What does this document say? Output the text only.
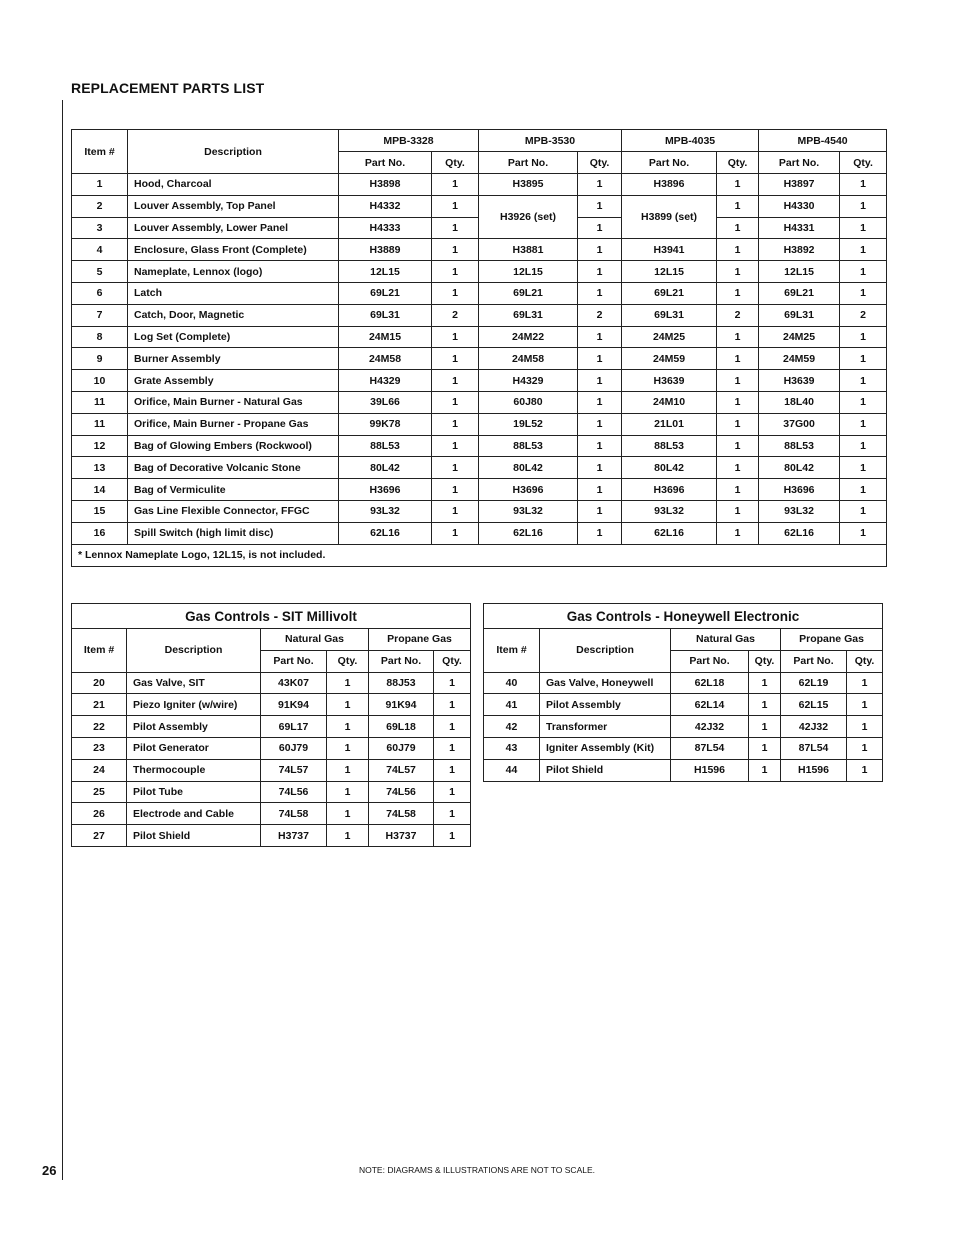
REPLACEMENT PARTS LIST
Item #	Description	MPB-3328		MPB-3530		MPB-4035		MPB-4540	
		Part No.	Qty.	Part No.	Qty.	Part No.	Qty.	Part No.	Qty.
1	Hood, Charcoal	H3898	1	H3895	1	H3896	1	H3897	1
2	Louver Assembly, Top Panel	H4332	1	H3926 (set)	1	H3899 (set)	1	H4330	1
3	Louver Assembly, Lower Panel	H4333	1		1		1	H4331	1
4	Enclosure, Glass Front (Complete)	H3889	1	H3881	1	H3941	1	H3892	1
5	Nameplate, Lennox (logo)	12L15	1	12L15	1	12L15	1	12L15	1
6	Latch	69L21	1	69L21	1	69L21	1	69L21	1
7	Catch, Door, Magnetic	69L31	2	69L31	2	69L31	2	69L31	2
8	Log Set (Complete)	24M15	1	24M22	1	24M25	1	24M25	1
9	Burner Assembly	24M58	1	24M58	1	24M59	1	24M59	1
10	Grate Assembly	H4329	1	H4329	1	H3639	1	H3639	1
11	Orifice, Main Burner - Natural Gas	39L66	1	60J80	1	24M10	1	18L40	1
11	Orifice, Main Burner - Propane Gas	99K78	1	19L52	1	21L01	1	37G00	1
12	Bag of Glowing Embers (Rockwool)	88L53	1	88L53	1	88L53	1	88L53	1
13	Bag of Decorative Volcanic Stone	80L42	1	80L42	1	80L42	1	80L42	1
14	Bag of Vermiculite	H3696	1	H3696	1	H3696	1	H3696	1
15	Gas Line Flexible Connector, FFGC	93L32	1	93L32	1	93L32	1	93L32	1
16	Spill Switch (high limit disc)	62L16	1	62L16	1	62L16	1	62L16	1
* Lennox Nameplate Logo, 12L15, is not included.									
Gas Controls - SIT Millivolt					
Item #	Description	Natural Gas		Propane Gas	
		Part No.	Qty.	Part No.	Qty.
20	Gas Valve, SIT	43K07	1	88J53	1
21	Piezo Igniter (w/wire)	91K94	1	91K94	1
22	Pilot Assembly	69L17	1	69L18	1
23	Pilot Generator	60J79	1	60J79	1
24	Thermocouple	74L57	1	74L57	1
25	Pilot Tube	74L56	1	74L56	1
26	Electrode and Cable	74L58	1	74L58	1
27	Pilot Shield	H3737	1	H3737	1
Gas Controls - Honeywell Electronic					
Item #	Description	Natural Gas		Propane Gas	
		Part No.	Qty.	Part No.	Qty.
40	Gas Valve, Honeywell	62L18	1	62L19	1
41	Pilot Assembly	62L14	1	62L15	1
42	Transformer	42J32	1	42J32	1
43	Igniter Assembly (Kit)	87L54	1	87L54	1
44	Pilot Shield	H1596	1	H1596	1
26	NOTE: DIAGRAMS & ILLUSTRATIONS ARE NOT TO SCALE.
